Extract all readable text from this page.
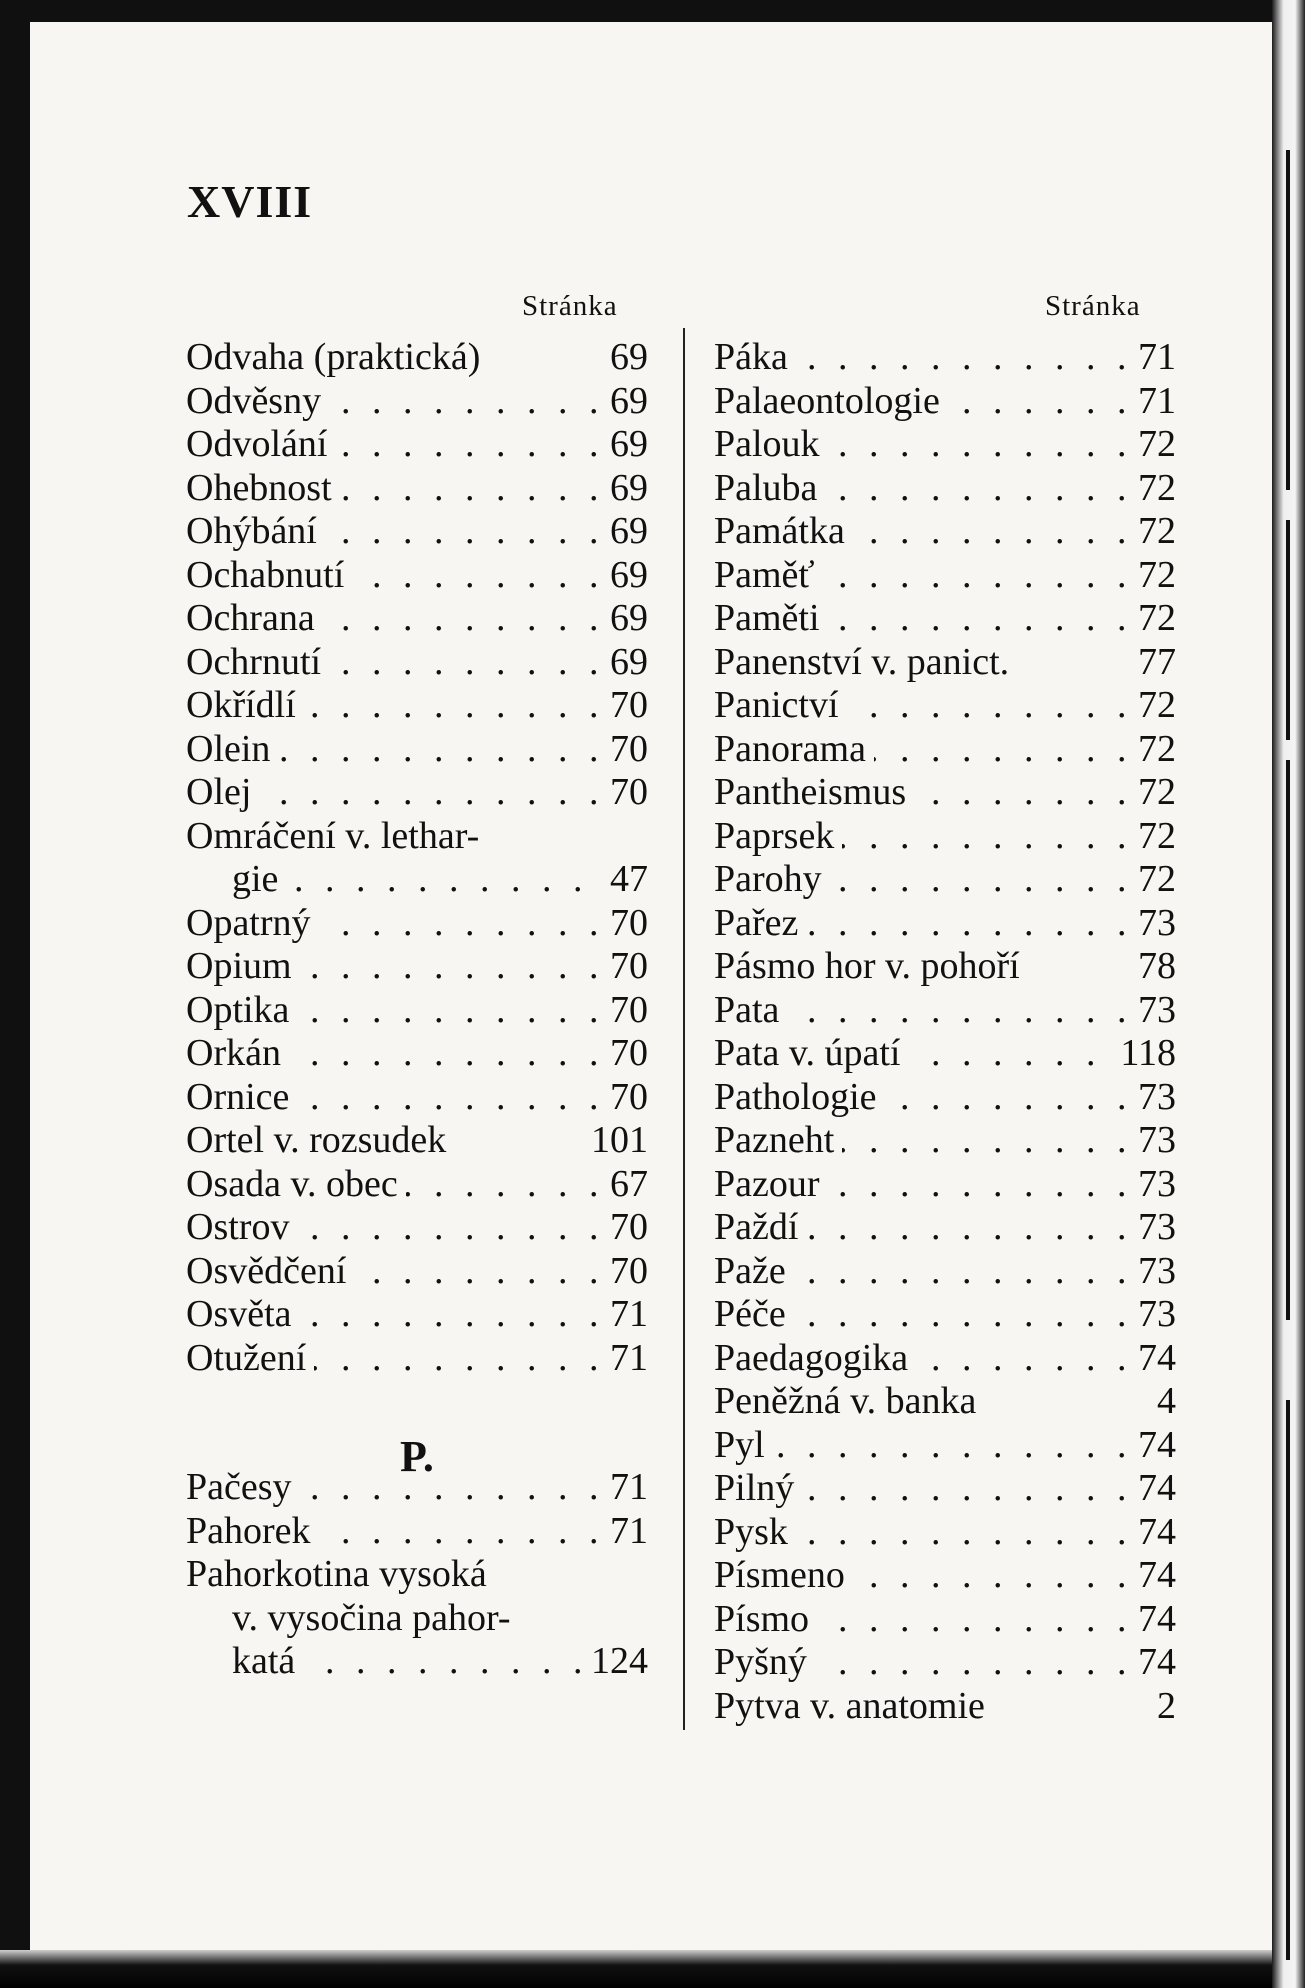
XVIII
Stránka	Stránka
Odvaha (praktická)	69
. . . Odvěsny	69
. . . Odvolání	69
. . . Ohebnost	69
. . . Ohýbání	69
. . . Ochabnutí	69
. . . Ochrana	69
. . . Ochrnutí	69
. . . Okřídlí	70
. . . Olein	70
. . . Olej	70
Omráčení v. lethar-
. . . gie	47
. . . Opatrný	70
. . . Opium	70
. . . Optika	70
. . . Orkán	70
. . . Ornice	70
Ortel v. rozsudek	101
. . . Osada v. obec	67
. . . Ostrov	70
. . . Osvědčení	70
. . . Osvěta	71
. . . Otužení	71
. . . Pačesy	71
. . . Pahorek	71
Pahorkotina vysoká
v. vysočina pahor-
. . . katá	124
. . . Páka	71
. . . Palaeontologie	71
. . . Palouk	72
. . . Paluba	72
. . . Památka	72
. . . Paměť	72
. . . Paměti	72
Panenství v. panict.	77
. . . Panictví	72
. . . Panorama	72
. . . Pantheismus	72
. . . Paprsek	72
. . . Parohy	72
. . . Pařez	73
Pásmo hor v. pohoří	78
. . . Pata	73
. . . Pata v. úpatí	118
. . . Pathologie	73
. . . Pazneht	73
. . . Pazour	73
. . . Paždí	73
. . . Paže	73
. . . Péče	73
. . . Paedagogika	74
Peněžná v. banka	4
. . . Pyl	74
. . . Pilný	74
. . . Pysk	74
. . . Písmeno	74
. . . Písmo	74
. . . Pyšný	74
Pytva v. anatomie	2
P.
